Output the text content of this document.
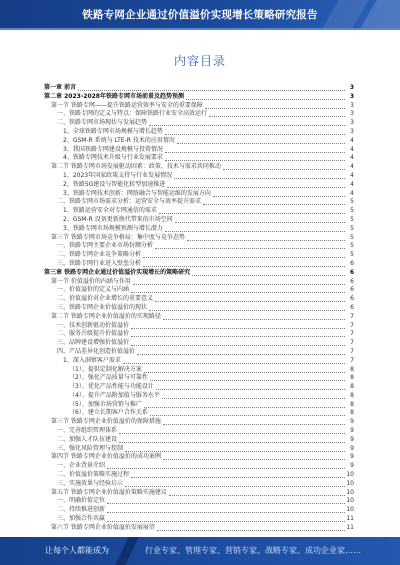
铁路专网企业通过价值溢价实现增长策略研究报告
内容目录
第一章 前言	3
第二章 2023-2028年铁路专网市场前景及趋势预测	3
第一节 铁路专网——提升铁路运营效率与安全的重要保障	3
一、铁路专网的定义与特点：保障铁路行业安全高效运行	3
二、铁路专网市场现状与发展趋势	3
1、全球铁路专网市场规模与增长趋势	3
2、GSM-R 系统与 LTE-R 技术的应用情况	4
3、我国铁路专网建设规模与投资情况	4
4、铁路专网技术升级与行业发展要求	4
第二节 铁路专网市场发展驱动因素：政策、技术与需求共同推动	4
1、2023年国家政策支持与行业发展情况	4
2、铁路5G建设与智能化转型加速推进	4
3、铁路专网技术创新：网络融合与智能运维的发展方向	4
二、铁路专网市场需求分析：运营安全与效率提升需求	5
1、铁路运营安全对专网通信的需求	5
2、GSM-R 设备更新换代带来的市场空间	5
3、铁路专网市场规模预测与增长潜力	5
第三节 铁路专网市场竞争格局：集中度与竞争态势	5
一、铁路专网主要企业市场份额分析	5
二、铁路专网企业竞争策略分析	5
三、铁路专网行业进入壁垒分析	6
第三章 铁路专网企业通过价值溢价实现增长的策略研究	6
第一节 价值溢价的内涵与作用	6
一、价值溢价的定义与内涵	6
二、价值溢价对企业增长的重要意义	6
三、铁路专网企业价值溢价的现状	6
第二节 铁路专网企业价值溢价的实现路径	7
一、技术创新驱动价值溢价	7
二、服务升级提升价值溢价	7
三、品牌建设增强价值溢价	7
四、产品差异化创造价值溢价	7
1、深入洞察客户需求	7
（1）、提供定制化解决方案	8
（2）、强化产品质量与可靠性	8
（3）、优化产品性能与功能设计	8
（4）、提升产品附加值与服务水平	8
（5）、加强市场营销与推广	8
（6）、建立长期客户合作关系	8
第三节 铁路专网企业价值溢价的保障措施	9
一、完善组织管理体系	9
二、加强人才队伍建设	9
三、强化风险管理与控制	9
第四节 铁路专网企业价值溢价的成功案例	9
一、企业背景介绍	9
二、价值溢价策略实施过程	10
三、实施效果与经验启示	10
第五节 铁路专网企业价值溢价策略实施建议	10
一、明确价值定位	10
二、持续推进创新	10
三、加强合作共赢	11
第六节 铁路专网企业价值溢价发展展望	11
让每个人都能成为	行业专家、管理专家、营销专家、战略专家、成功企业家……
